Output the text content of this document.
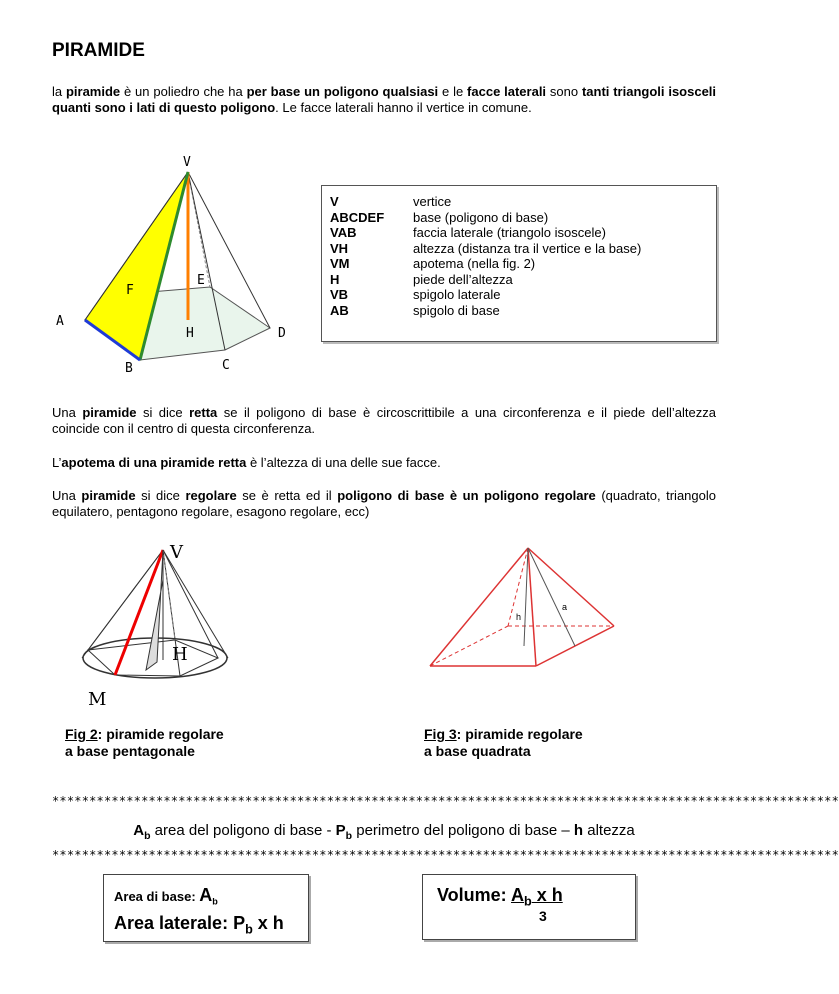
PIRAMIDE

la piramide è un poliedro che ha per base un poligono qualsiasi e le facce laterali sono tanti triangoli isosceli quanti sono i lati di questo poligono. Le facce laterali hanno il vertice in comune.

V
A
B	C
D
E
F
H
V	vertice
ABCDEF	base (poligono di base)
VAB	faccia laterale (triangolo isoscele)
VH	altezza (distanza tra il vertice e la base)
VM	apotema (nella fig. 2)
H	piede dell’altezza
VB	spigolo laterale
AB	spigolo di base

Una piramide si dice retta se il poligono di base è circoscrittibile a una circonferenza e il piede dell’altezza coincide con il centro di questa circonferenza.

L’apotema di una piramide retta è l’altezza di una delle sue facce.

Una piramide si dice regolare se è retta ed il poligono di base è un poligono regolare (quadrato, triangolo equilatero, pentagono regolare, esagono regolare, ecc)

V
H
M
Fig 2: piramide regolare
a base pentagonale
h
a
Fig 3: piramide regolare
a base quadrata
**********************************************************************************************************
$A_b$ area del poligono di base - $P_b$ perimetro del poligono di base – h altezza
**********************************************************************************************************
Area di base: $A_b$
Area laterale: $P_b$ x h
Volume: $A_b$ x h
3
